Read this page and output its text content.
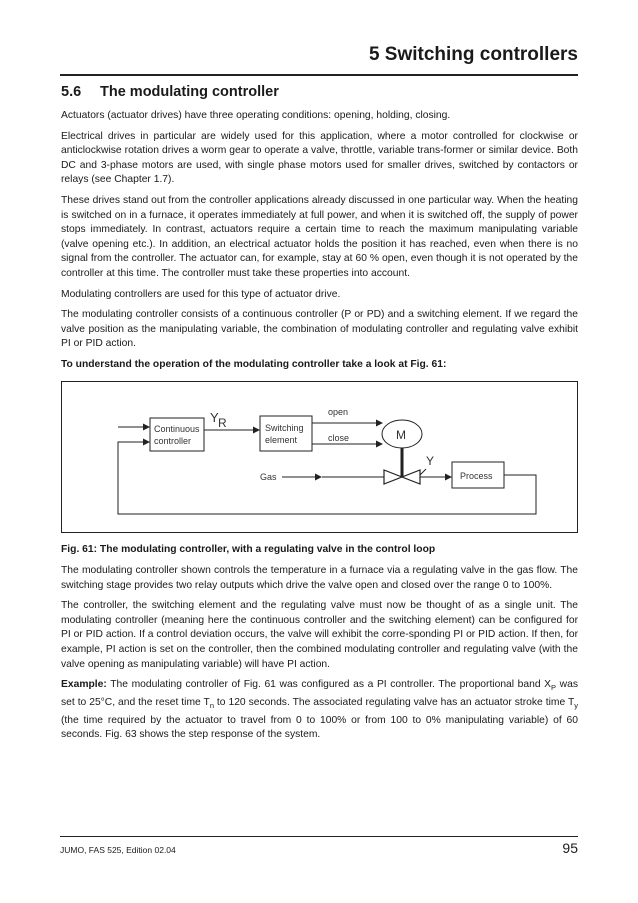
5 Switching controllers
5.6 The modulating controller

Actuators (actuator drives) have three operating conditions: opening, holding, closing.

Electrical drives in particular are widely used for this application, where a motor controlled for clockwise or anticlockwise rotation drives a worm gear to operate a valve, throttle, variable trans-former or similar device. Both DC and 3-phase motors are used, with single phase motors used for smaller drives, switched by contactors or relays (see Chapter 1.7).

These drives stand out from the controller applications already discussed in one particular way. When the heating is switched on in a furnace, it operates immediately at full power, and when it is switched off, the supply of power stops immediately. In contrast, actuators require a certain time to reach the maximum manipulating variable (valve opening etc.). In addition, an electrical actuator holds the position it has reached, even when there is no signal from the controller. The actuator can, for example, stay at 60 % open, even though it is not operated by the controller at this time. The controller must take these properties into account.

Modulating controllers are used for this type of actuator drive.

The modulating controller consists of a continuous controller (P or PD) and a switching element. If we regard the valve position as the manipulating variable, the combination of modulating controller and regulating valve exhibit PI or PID action.

To understand the operation of the modulating controller take a look at Fig. 61:

Continuous
controller
Y R	Switching
element
open
close	M
Y
Gas	Process
Fig. 61: The modulating controller, with a regulating valve in the control loop

The modulating controller shown controls the temperature in a furnace via a regulating valve in the gas flow. The switching stage provides two relay outputs which drive the valve open and closed over the range 0 to 100%.

The controller, the switching element and the regulating valve must now be thought of as a single unit. The modulating controller (meaning here the continuous controller and the switching element) can be configured for PI or PID action. If a control deviation occurs, the valve will exhibit the corre-sponding PI or PID action. If then, for example, PI action is set on the controller, then the combined modulating controller and regulating valve (with the valve opening as manipulating variable) will have PI action.

Example: The modulating controller of Fig. 61 was configured as a PI controller. The proportional band $X_P$ was set to 25°C, and the reset time $T_n$ to 120 seconds. The associated regulating valve has an actuator stroke time $T_y$ (the time required by the actuator to travel from 0 to 100% or from 100 to 0% manipulating variable) of 60 seconds. Fig. 63 shows the step response of the system.

JUMO, FAS 525, Edition 02.04	95
